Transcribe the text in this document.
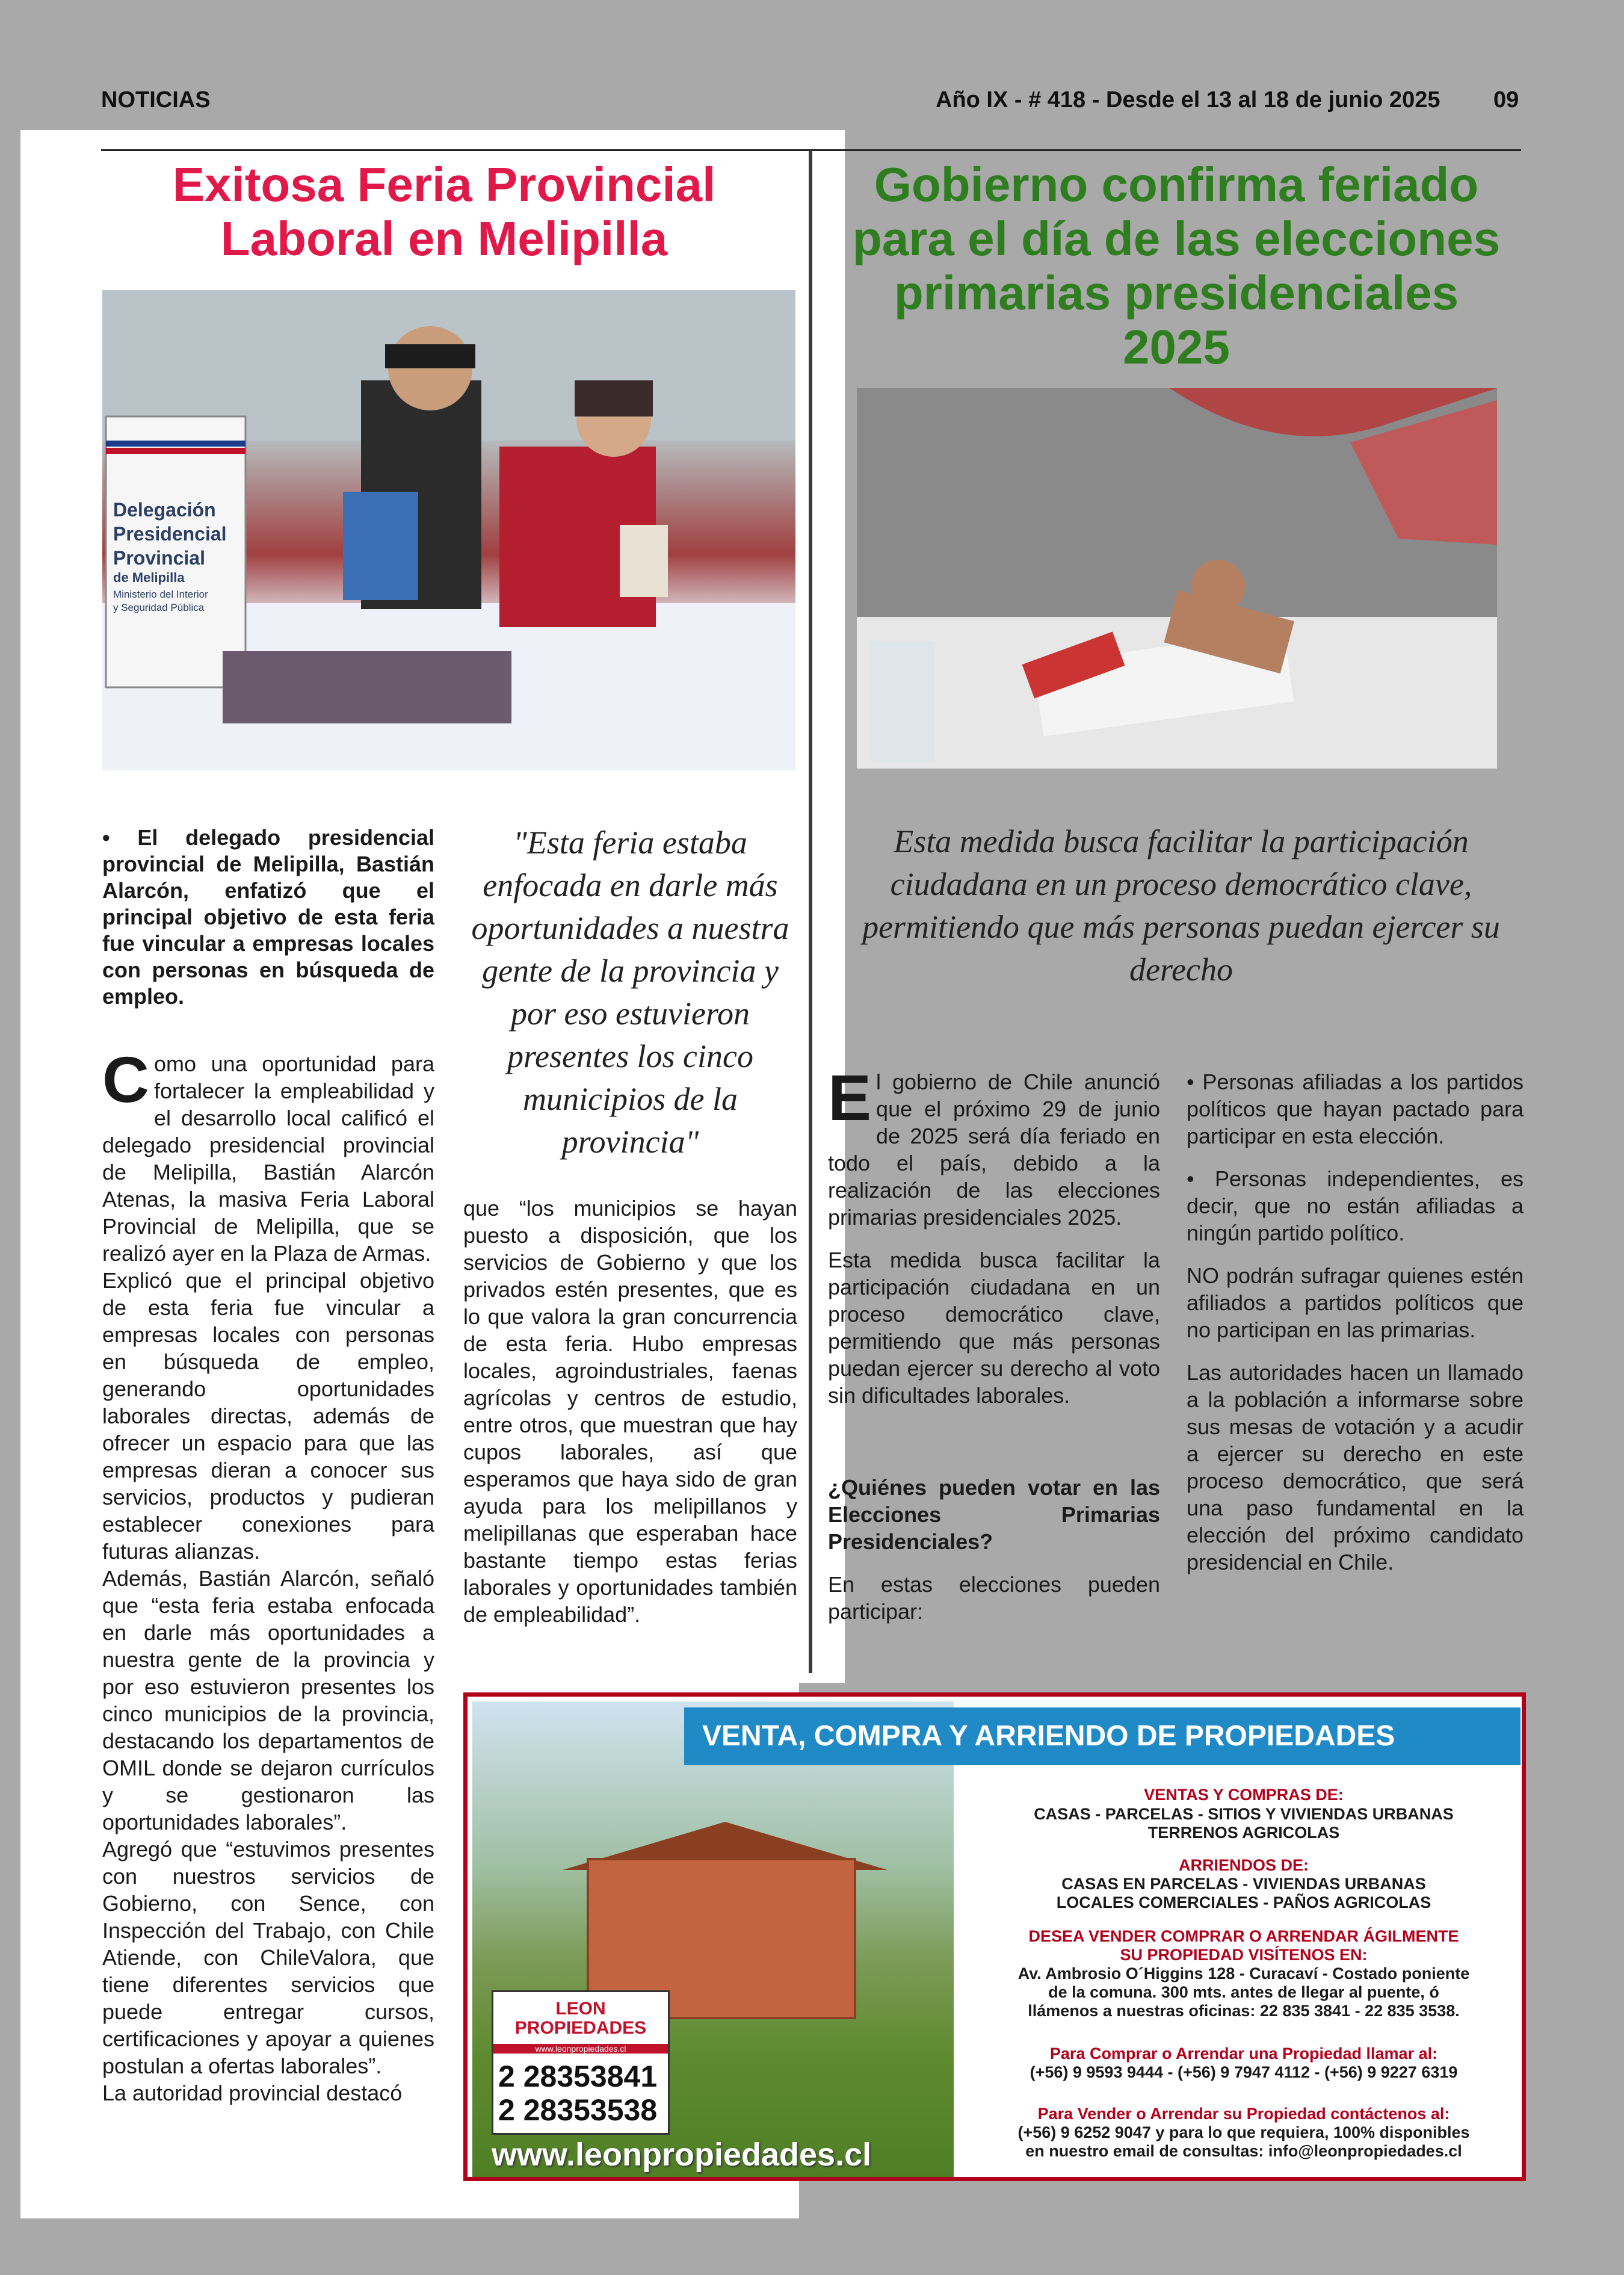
NOTICIAS	Año IX - # 418 - Desde el 13 al 18 de junio 2025 09
Exitosa Feria Provincial Laboral en Melipilla
Delegación
Presidencial
Provincial
de Melipilla
Ministerio del Interior
y Seguridad Pública
• El delegado presidencial provincial de Melipilla, Bastián Alarcón, enfatizó que el principal objetivo de esta feria fue vincular a empresas locales con personas en búsqueda de empleo.
"Esta feria estaba enfocada en darle más oportunidades a nuestra gente de la provincia y por eso estuvieron presentes los cinco municipios de la provincia"
Como una oportunidad para fortalecer la empleabilidad y el desarrollo local calificó el delegado presidencial provincial de Melipilla, Bastián Alarcón Atenas, la masiva Feria Laboral Provincial de Melipilla, que se realizó ayer en la Plaza de Armas.
Explicó que el principal objetivo de esta feria fue vincular a empresas locales con personas en búsqueda de empleo, generando oportunidades laborales directas, además de ofrecer un espacio para que las empresas dieran a conocer sus servicios, productos y pudieran establecer conexiones para futuras alianzas.
Además, Bastián Alarcón, señaló que “esta feria estaba enfocada en darle más oportunidades a nuestra gente de la provincia y por eso estuvieron presentes los cinco municipios de la provincia, destacando los departamentos de OMIL donde se dejaron currículos y se gestionaron las oportunidades laborales”.
Agregó que “estuvimos presentes con nuestros servicios de Gobierno, con Sence, con Inspección del Trabajo, con Chile Atiende, con ChileValora, que tiene diferentes servicios que puede entregar cursos, certificaciones y apoyar a quienes postulan a ofertas laborales”.
La autoridad provincial destacó
que “los municipios se hayan puesto a disposición, que los servicios de Gobierno y que los privados estén presentes, que es lo que valora la gran concurrencia de esta feria. Hubo empresas locales, agroindustriales, faenas agrícolas y centros de estudio, entre otros, que muestran que hay cupos laborales, así que esperamos que haya sido de gran ayuda para los melipillanos y melipillanas que esperaban hace bastante tiempo estas ferias laborales y oportunidades también de empleabilidad”.
Gobierno confirma feriado para el día de las elecciones primarias presidenciales 2025
Esta medida busca facilitar la participación ciudadana en un proceso democrático clave, permitiendo que más personas puedan ejercer su derecho
El gobierno de Chile anunció que el próximo 29 de junio de 2025 será día feriado en todo el país, debido a la realización de las elecciones primarias presidenciales 2025.
Esta medida busca facilitar la participación ciudadana en un proceso democrático clave, permitiendo que más personas puedan ejercer su derecho al voto sin dificultades laborales.
¿Quiénes pueden votar en las Elecciones Primarias Presidenciales?
En estas elecciones pueden participar:
• Personas afiliadas a los partidos políticos que hayan pactado para participar en esta elección.
• Personas independientes, es decir, que no están afiliadas a ningún partido político.
NO podrán sufragar quienes estén afiliados a partidos políticos que no participan en las primarias.
Las autoridades hacen un llamado a la población a informarse sobre sus mesas de votación y a acudir a ejercer su derecho en este proceso democrático, que será una paso fundamental en la elección del próximo candidato presidencial en Chile.
VENTA, COMPRA Y ARRIENDO DE PROPIEDADES
LEON PROPIEDADES
www.leonpropiedades.cl
2 28353841
2 28353538
www.leonpropiedades.cl
VENTAS Y COMPRAS DE:
CASAS - PARCELAS - SITIOS Y VIVIENDAS URBANAS
TERRENOS AGRICOLAS
ARRIENDOS DE:
CASAS EN PARCELAS - VIVIENDAS URBANAS
LOCALES COMERCIALES - PAÑOS AGRICOLAS
DESEA VENDER COMPRAR O ARRENDAR ÁGILMENTE
SU PROPIEDAD VISÍTENOS EN:
Av. Ambrosio O´Higgins 128 - Curacaví - Costado poniente
de la comuna. 300 mts. antes de llegar al puente, ó
llámenos a nuestras oficinas: 22 835 3841 - 22 835 3538.
Para Comprar o Arrendar una Propiedad llamar al:
(+56) 9 9593 9444 - (+56) 9 7947 4112 - (+56) 9 9227 6319
Para Vender o Arrendar su Propiedad contáctenos al:
(+56) 9 6252 9047 y para lo que requiera, 100% disponibles
en nuestro email de consultas: info@leonpropiedades.cl
